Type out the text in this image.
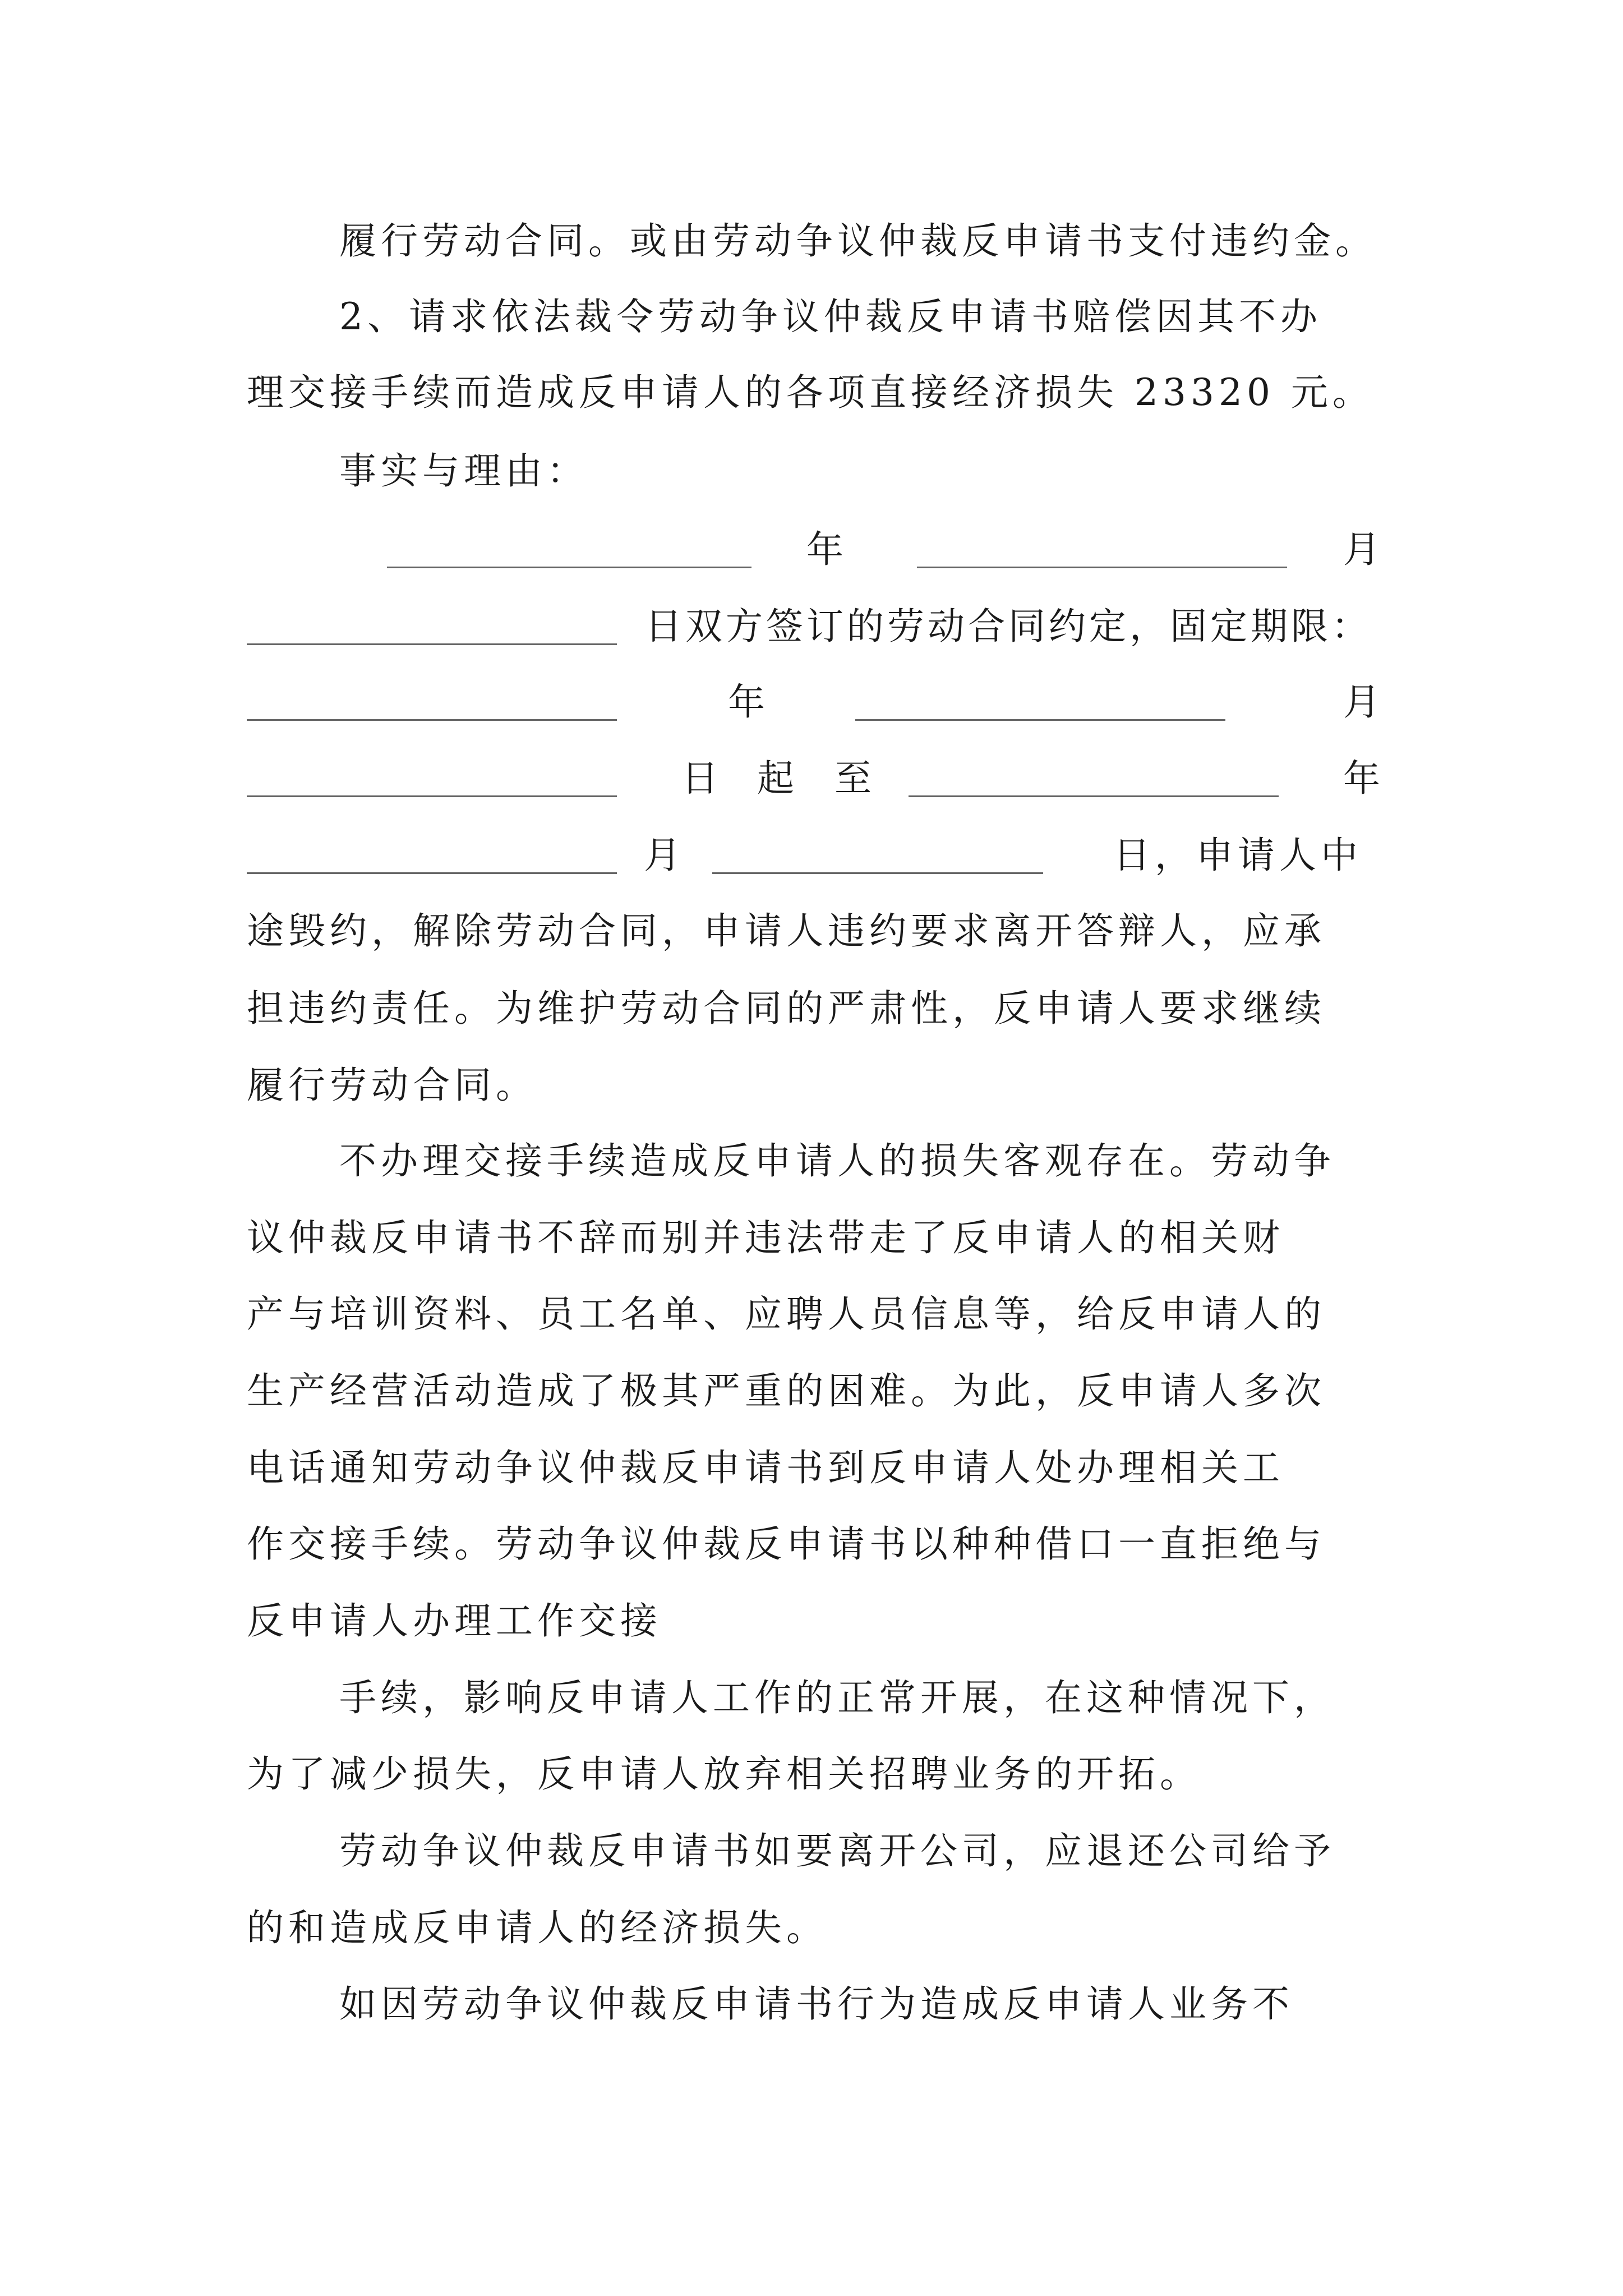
履行劳动合同。或由劳动争议仲裁反申请书支付违约金。
2、请求依法裁令劳动争议仲裁反申请书赔偿因其不办
理交接手续而造成反申请人的各项直接经济损失 23320 元。
事实与理由：
年	月
日双方签订的劳动合同约定，固定期限：
年	月
日 起 至	年
月	日，申请人中
途毁约，解除劳动合同，申请人违约要求离开答辩人，应承
担违约责任。为维护劳动合同的严肃性，反申请人要求继续
履行劳动合同。
不办理交接手续造成反申请人的损失客观存在。劳动争
议仲裁反申请书不辞而别并违法带走了反申请人的相关财
产与培训资料、员工名单、应聘人员信息等，给反申请人的
生产经营活动造成了极其严重的困难。为此，反申请人多次
电话通知劳动争议仲裁反申请书到反申请人处办理相关工
作交接手续。劳动争议仲裁反申请书以种种借口一直拒绝与
反申请人办理工作交接
手续，影响反申请人工作的正常开展，在这种情况下，
为了减少损失，反申请人放弃相关招聘业务的开拓。
劳动争议仲裁反申请书如要离开公司，应退还公司给予
的和造成反申请人的经济损失。
如因劳动争议仲裁反申请书行为造成反申请人业务不
